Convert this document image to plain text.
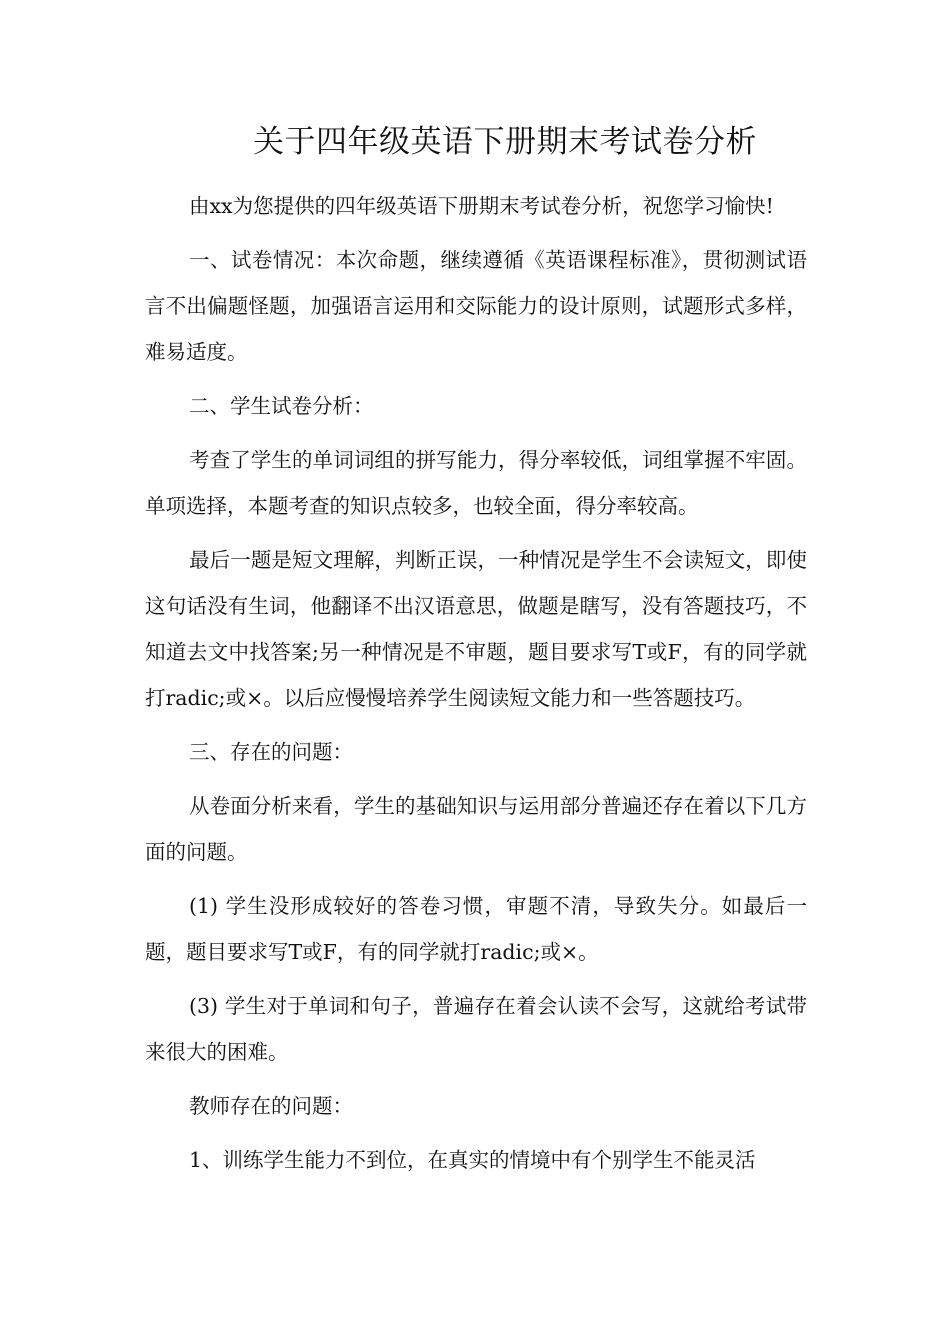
关于四年级英语下册期末考试卷分析

由xx为您提供的四年级英语下册期末考试卷分析，祝您学习愉快!

一、试卷情况：本次命题，继续遵循《英语课程标准》，贯彻测试语言不出偏题怪题，加强语言运用和交际能力的设计原则，试题形式多样，难易适度。

二、学生试卷分析：

考查了学生的单词词组的拼写能力，得分率较低，词组掌握不牢固。单项选择，本题考查的知识点较多，也较全面，得分率较高。

最后一题是短文理解，判断正误，一种情况是学生不会读短文，即使这句话没有生词，他翻译不出汉语意思，做题是瞎写，没有答题技巧，不知道去文中找答案;另一种情况是不审题，题目要求写T或F，有的同学就打radic;或×。以后应慢慢培养学生阅读短文能力和一些答题技巧。

三、存在的问题：

从卷面分析来看，学生的基础知识与运用部分普遍还存在着以下几方面的问题。

(1) 学生没形成较好的答卷习惯，审题不清，导致失分。如最后一题，题目要求写T或F，有的同学就打radic;或×。

(3) 学生对于单词和句子，普遍存在着会认读不会写，这就给考试带来很大的困难。

教师存在的问题：

1、训练学生能力不到位，在真实的情境中有个别学生不能灵活
